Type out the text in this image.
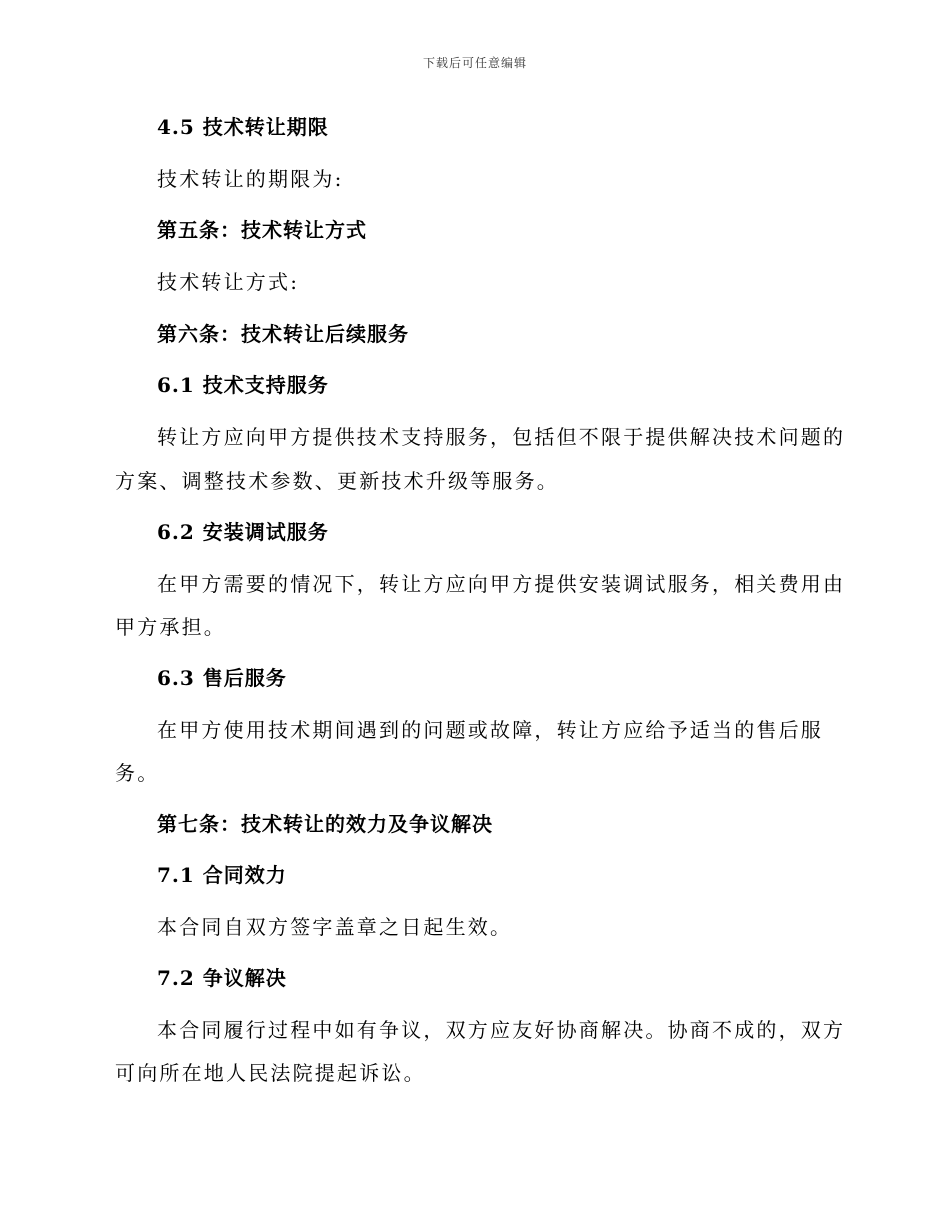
下载后可任意编辑
4.5 技术转让期限
技术转让的期限为:
第五条：技术转让方式
技术转让方式:
第六条：技术转让后续服务
6.1 技术支持服务
转让方应向甲方提供技术支持服务，包括但不限于提供解决技术问题的
方案、调整技术参数、更新技术升级等服务。
6.2 安装调试服务
在甲方需要的情况下，转让方应向甲方提供安装调试服务，相关费用由
甲方承担。
6.3 售后服务
在甲方使用技术期间遇到的问题或故障，转让方应给予适当的售后服
务。
第七条：技术转让的效力及争议解决
7.1 合同效力
本合同自双方签字盖章之日起生效。
7.2 争议解决
本合同履行过程中如有争议，双方应友好协商解决。协商不成的，双方
可向所在地人民法院提起诉讼。
